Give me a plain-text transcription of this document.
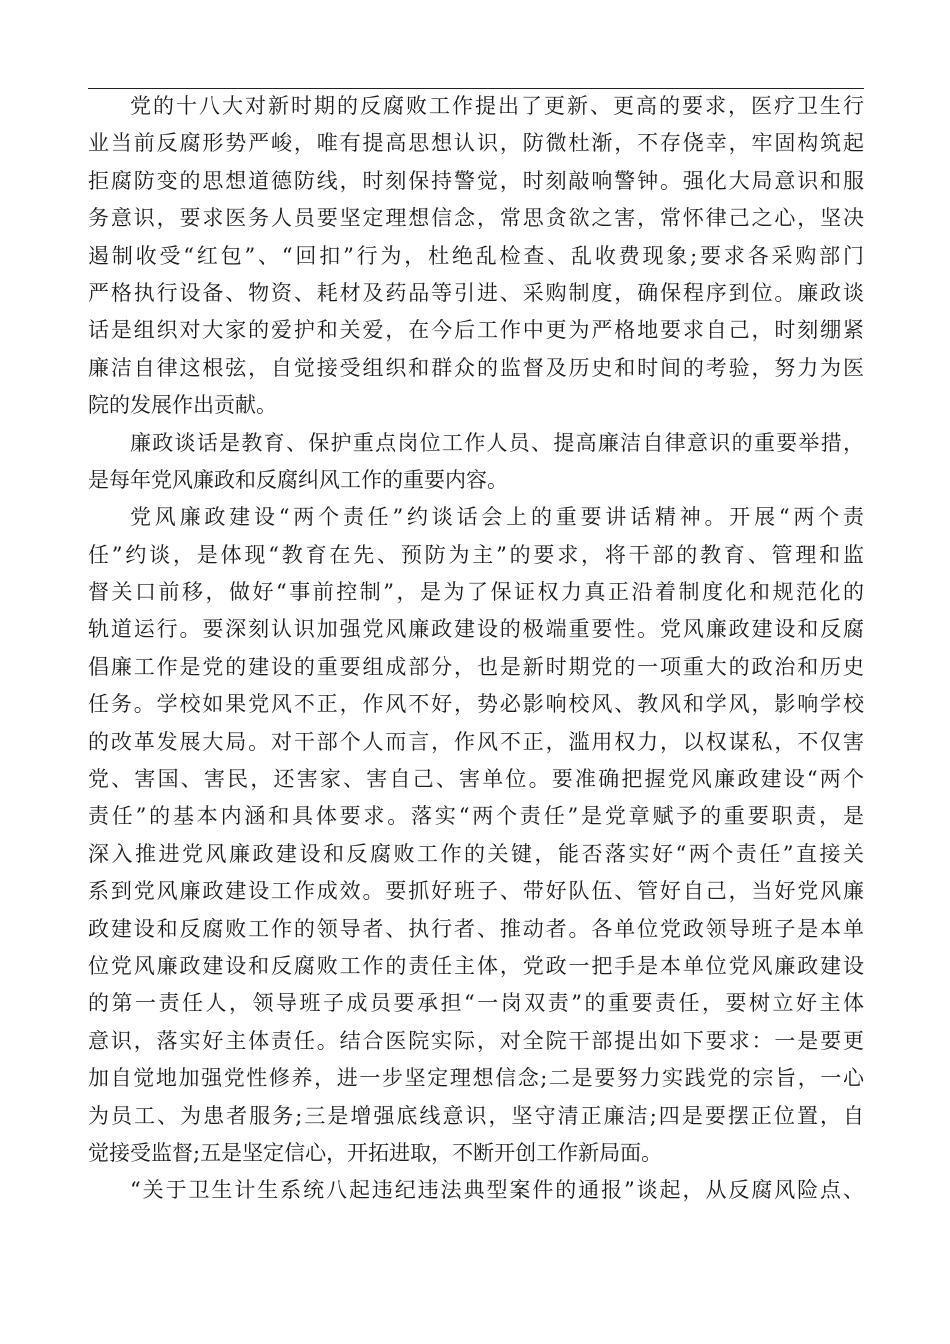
党的十八大对新时期的反腐败工作提出了更新、更高的要求，医疗卫生行
业当前反腐形势严峻，唯有提高思想认识，防微杜渐，不存侥幸，牢固构筑起
拒腐防变的思想道德防线，时刻保持警觉，时刻敲响警钟。强化大局意识和服
务意识，要求医务人员要坚定理想信念，常思贪欲之害，常怀律己之心，坚决
遏制收受“红包”、“回扣”行为，杜绝乱检查、乱收费现象;要求各采购部门
严格执行设备、物资、耗材及药品等引进、采购制度，确保程序到位。廉政谈
话是组织对大家的爱护和关爱，在今后工作中更为严格地要求自己，时刻绷紧
廉洁自律这根弦，自觉接受组织和群众的监督及历史和时间的考验，努力为医
院的发展作出贡献。
廉政谈话是教育、保护重点岗位工作人员、提高廉洁自律意识的重要举措，
是每年党风廉政和反腐纠风工作的重要内容。
党风廉政建设“两个责任”约谈话会上的重要讲话精神。开展“两个责
任”约谈，是体现“教育在先、预防为主”的要求，将干部的教育、管理和监
督关口前移，做好“事前控制”，是为了保证权力真正沿着制度化和规范化的
轨道运行。要深刻认识加强党风廉政建设的极端重要性。党风廉政建设和反腐
倡廉工作是党的建设的重要组成部分，也是新时期党的一项重大的政治和历史
任务。学校如果党风不正，作风不好，势必影响校风、教风和学风，影响学校
的改革发展大局。对干部个人而言，作风不正，滥用权力，以权谋私，不仅害
党、害国、害民，还害家、害自己、害单位。要准确把握党风廉政建设“两个
责任”的基本内涵和具体要求。落实“两个责任”是党章赋予的重要职责，是
深入推进党风廉政建设和反腐败工作的关键，能否落实好“两个责任”直接关
系到党风廉政建设工作成效。要抓好班子、带好队伍、管好自己，当好党风廉
政建设和反腐败工作的领导者、执行者、推动者。各单位党政领导班子是本单
位党风廉政建设和反腐败工作的责任主体，党政一把手是本单位党风廉政建设
的第一责任人，领导班子成员要承担“一岗双责”的重要责任，要树立好主体
意识，落实好主体责任。结合医院实际，对全院干部提出如下要求：一是要更
加自觉地加强党性修养，进一步坚定理想信念;二是要努力实践党的宗旨，一心
为员工、为患者服务;三是增强底线意识，坚守清正廉洁;四是要摆正位置，自
觉接受监督;五是坚定信心，开拓进取，不断开创工作新局面。
“关于卫生计生系统八起违纪违法典型案件的通报”谈起，从反腐风险点、
